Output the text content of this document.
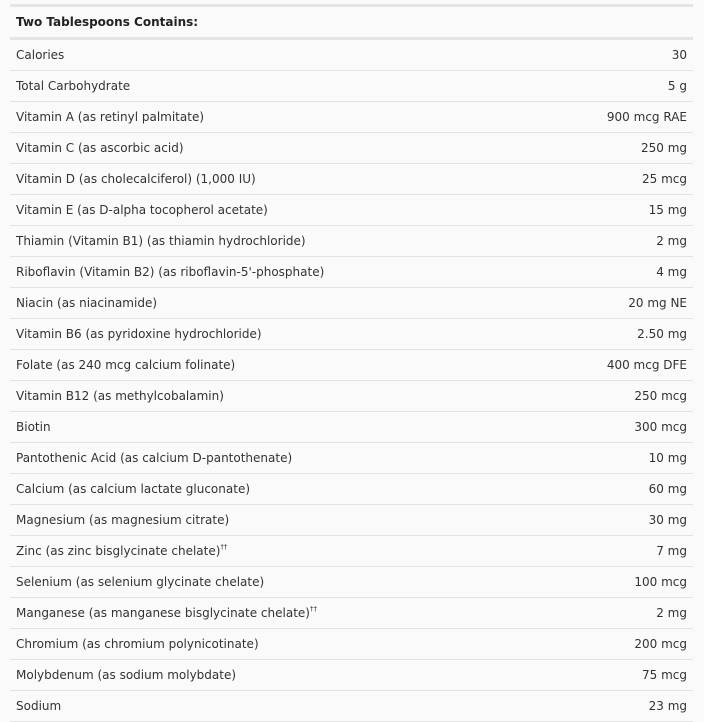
Two Tablespoons Contains:	
Calories	30
Total Carbohydrate	5 g
Vitamin A (as retinyl palmitate)	900 mcg RAE
Vitamin C (as ascorbic acid)	250 mg
Vitamin D (as cholecalciferol) (1,000 IU)	25 mcg
Vitamin E (as D-alpha tocopherol acetate)	15 mg
Thiamin (Vitamin B1) (as thiamin hydrochloride)	2 mg
Riboflavin (Vitamin B2) (as riboflavin-5'-phosphate)	4 mg
Niacin (as niacinamide)	20 mg NE
Vitamin B6 (as pyridoxine hydrochloride)	2.50 mg
Folate (as 240 mcg calcium folinate)	400 mcg DFE
Vitamin B12 (as methylcobalamin)	250 mcg
Biotin	300 mcg
Pantothenic Acid (as calcium D-pantothenate)	10 mg
Calcium (as calcium lactate gluconate)	60 mg
Magnesium (as magnesium citrate)	30 mg
Zinc (as zinc bisglycinate chelate)††	7 mg
Selenium (as selenium glycinate chelate)	100 mcg
Manganese (as manganese bisglycinate chelate)††	2 mg
Chromium (as chromium polynicotinate)	200 mcg
Molybdenum (as sodium molybdate)	75 mcg
Sodium	23 mg
